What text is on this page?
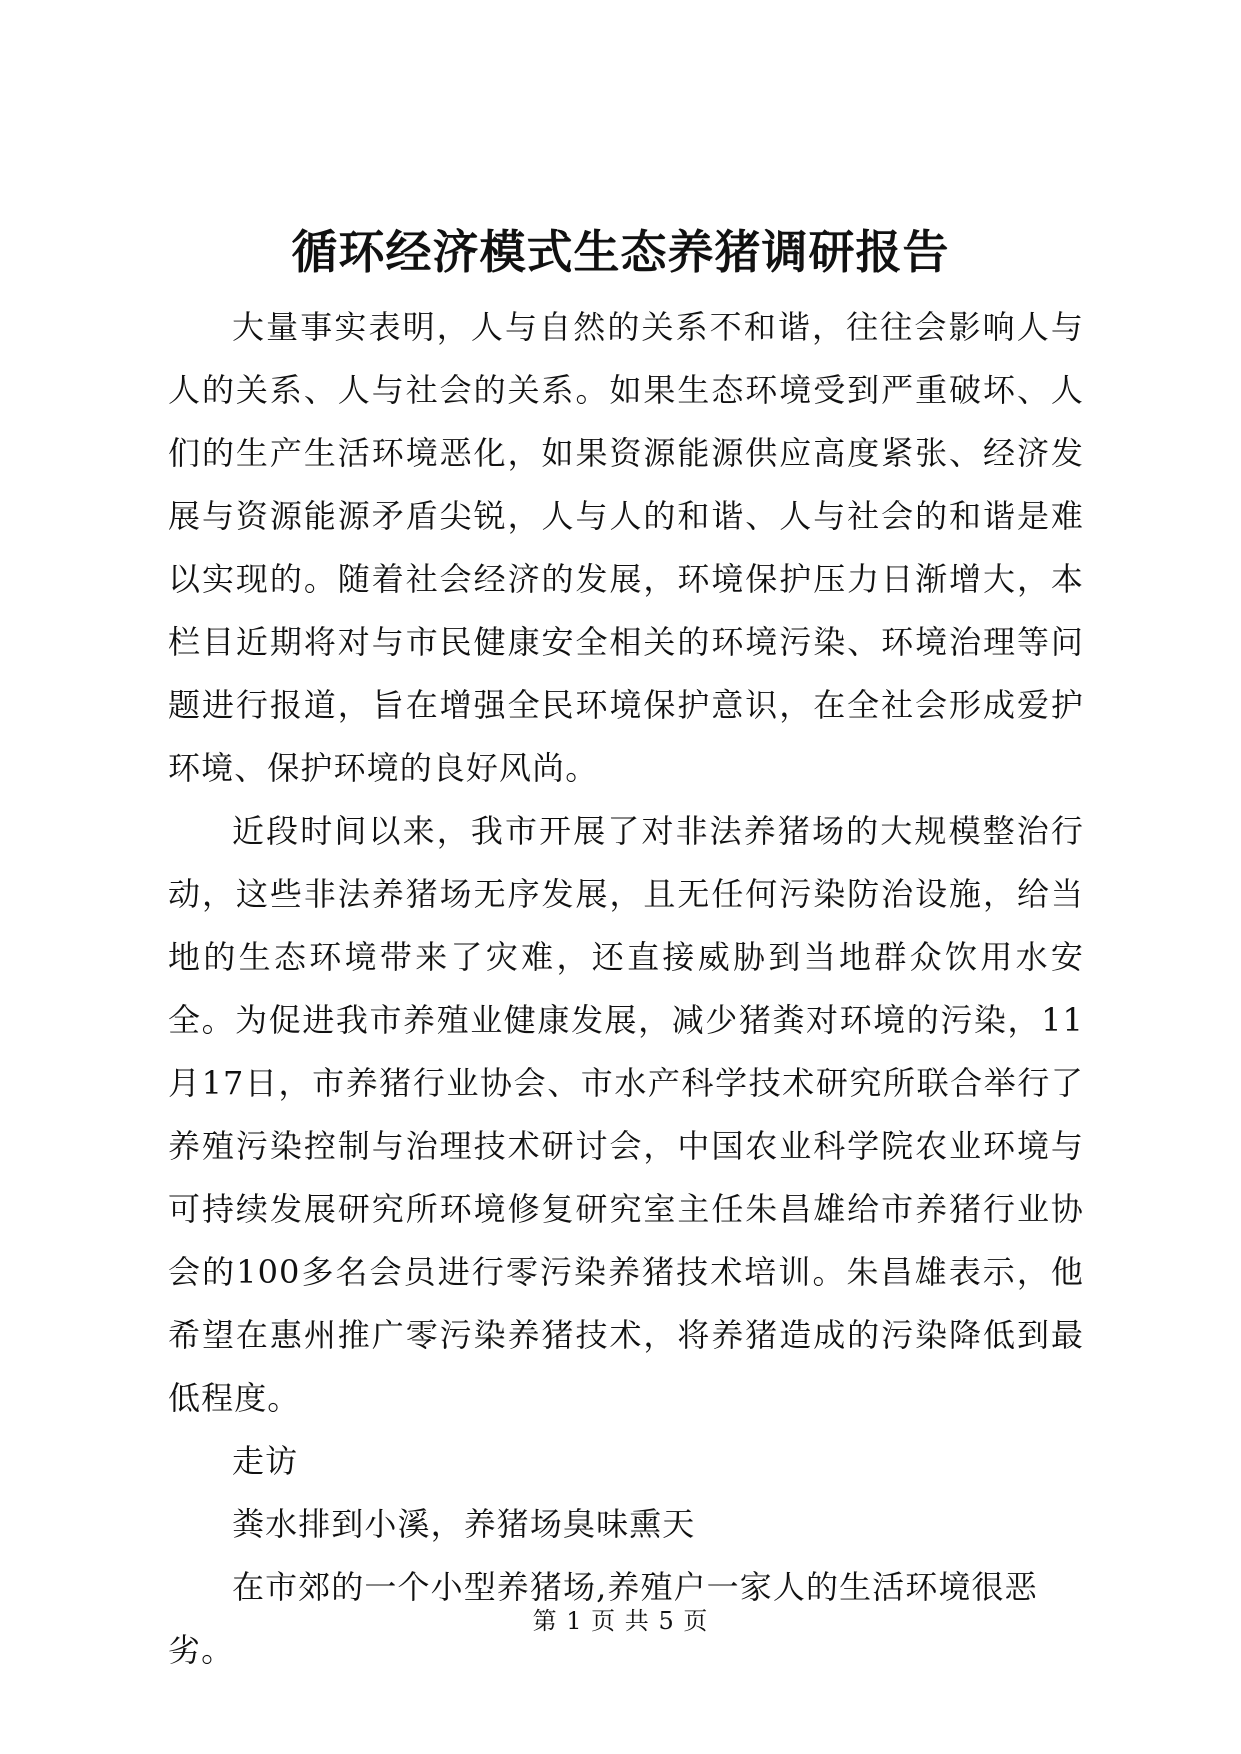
循环经济模式生态养猪调研报告

大量事实表明，人与自然的关系不和谐，往往会影响人与人的关系、人与社会的关系。如果生态环境受到严重破坏、人们的生产生活环境恶化，如果资源能源供应高度紧张、经济发展与资源能源矛盾尖锐，人与人的和谐、人与社会的和谐是难以实现的。随着社会经济的发展，环境保护压力日渐增大，本栏目近期将对与市民健康安全相关的环境污染、环境治理等问题进行报道，旨在增强全民环境保护意识，在全社会形成爱护环境、保护环境的良好风尚。

近段时间以来，我市开展了对非法养猪场的大规模整治行动，这些非法养猪场无序发展，且无任何污染防治设施，给当地的生态环境带来了灾难，还直接威胁到当地群众饮用水安全。为促进我市养殖业健康发展，减少猪粪对环境的污染，11月17日，市养猪行业协会、市水产科学技术研究所联合举行了养殖污染控制与治理技术研讨会，中国农业科学院农业环境与可持续发展研究所环境修复研究室主任朱昌雄给市养猪行业协会的100多名会员进行零污染养猪技术培训。朱昌雄表示，他希望在惠州推广零污染养猪技术，将养猪造成的污染降低到最低程度。

走访

粪水排到小溪，养猪场臭味熏天

在市郊的一个小型养猪场,养殖户一家人的生活环境很恶劣。

第 1 页 共 5 页
